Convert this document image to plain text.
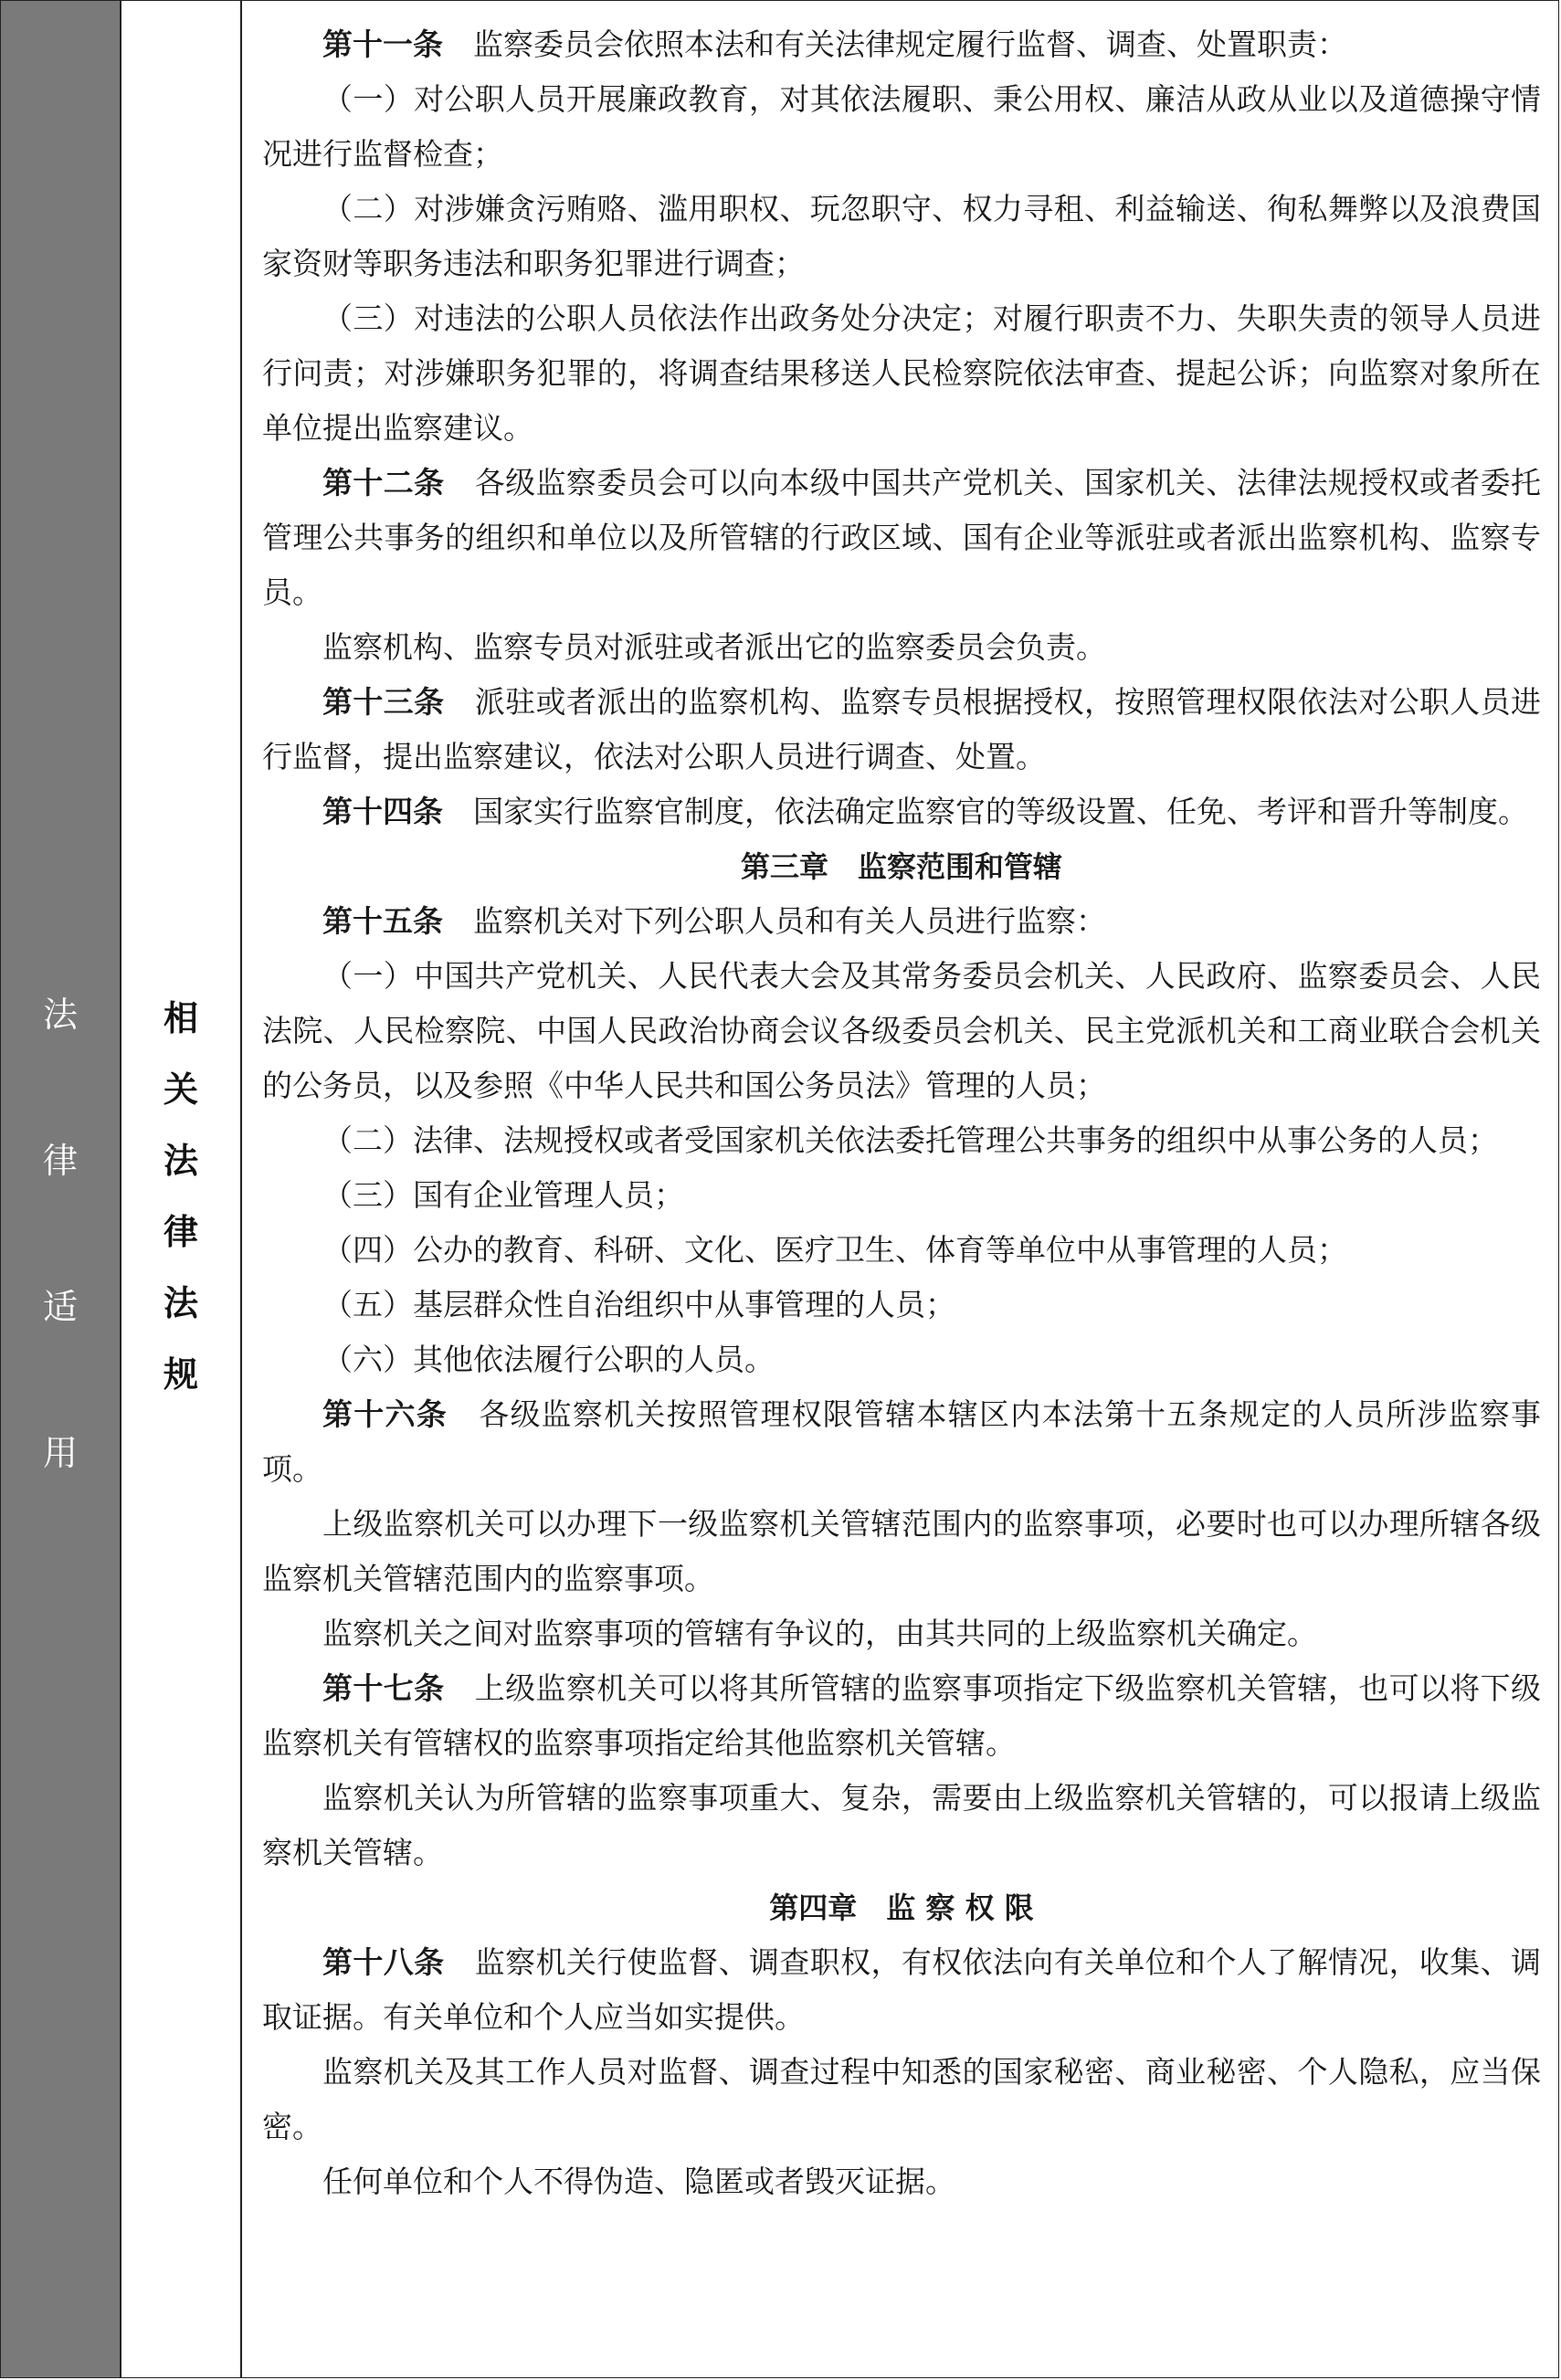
法
律
适
用
相
关
法
律
法
规

第十一条　 监察委员会依照本法和有关法律规定履行监督、调查、处置职责：

（一）对公职人员开展廉政教育，对其依法履职、秉公用权、廉洁从政从业以及道德操守情况进行监督检查；

（二）对涉嫌贪污贿赂、滥用职权、玩忽职守、权力寻租、利益输送、徇私舞弊以及浪费国家资财等职务违法和职务犯罪进行调查；

（三）对违法的公职人员依法作出政务处分决定；对履行职责不力、失职失责的领导人员进行问责；对涉嫌职务犯罪的，将调查结果移送人民检察院依法审查、提起公诉；向监察对象所在单位提出监察建议。

第十二条　 各级监察委员会可以向本级中国共产党机关、国家机关、法律法规授权或者委托管理公共事务的组织和单位以及所管辖的行政区域、国有企业等派驻或者派出监察机构、监察专员。

监察机构、监察专员对派驻或者派出它的监察委员会负责。

第十三条　 派驻或者派出的监察机构、监察专员根据授权，按照管理权限依法对公职人员进行监督，提出监察建议，依法对公职人员进行调查、处置。

第十四条　 国家实行监察官制度，依法确定监察官的等级设置、任免、考评和晋升等制度。

第三章　监察范围和管辖

第十五条　 监察机关对下列公职人员和有关人员进行监察：

（一）中国共产党机关、人民代表大会及其常务委员会机关、人民政府、监察委员会、人民法院、人民检察院、中国人民政治协商会议各级委员会机关、民主党派机关和工商业联合会机关的公务员，以及参照《中华人民共和国公务员法》管理的人员；

（二）法律、法规授权或者受国家机关依法委托管理公共事务的组织中从事公务的人员；

（三）国有企业管理人员；

（四）公办的教育、科研、文化、医疗卫生、体育等单位中从事管理的人员；

（五）基层群众性自治组织中从事管理的人员；

（六）其他依法履行公职的人员。

第十六条　 各级监察机关按照管理权限管辖本辖区内本法第十五条规定的人员所涉监察事项。

上级监察机关可以办理下一级监察机关管辖范围内的监察事项，必要时也可以办理所辖各级监察机关管辖范围内的监察事项。

监察机关之间对监察事项的管辖有争议的，由其共同的上级监察机关确定。

第十七条　 上级监察机关可以将其所管辖的监察事项指定下级监察机关管辖，也可以将下级监察机关有管辖权的监察事项指定给其他监察机关管辖。

监察机关认为所管辖的监察事项重大、复杂，需要由上级监察机关管辖的，可以报请上级监察机关管辖。

第四章　监 察 权 限

第十八条　 监察机关行使监督、调查职权，有权依法向有关单位和个人了解情况，收集、调取证据。有关单位和个人应当如实提供。

监察机关及其工作人员对监督、调查过程中知悉的国家秘密、商业秘密、个人隐私，应当保密。

任何单位和个人不得伪造、隐匿或者毁灭证据。
